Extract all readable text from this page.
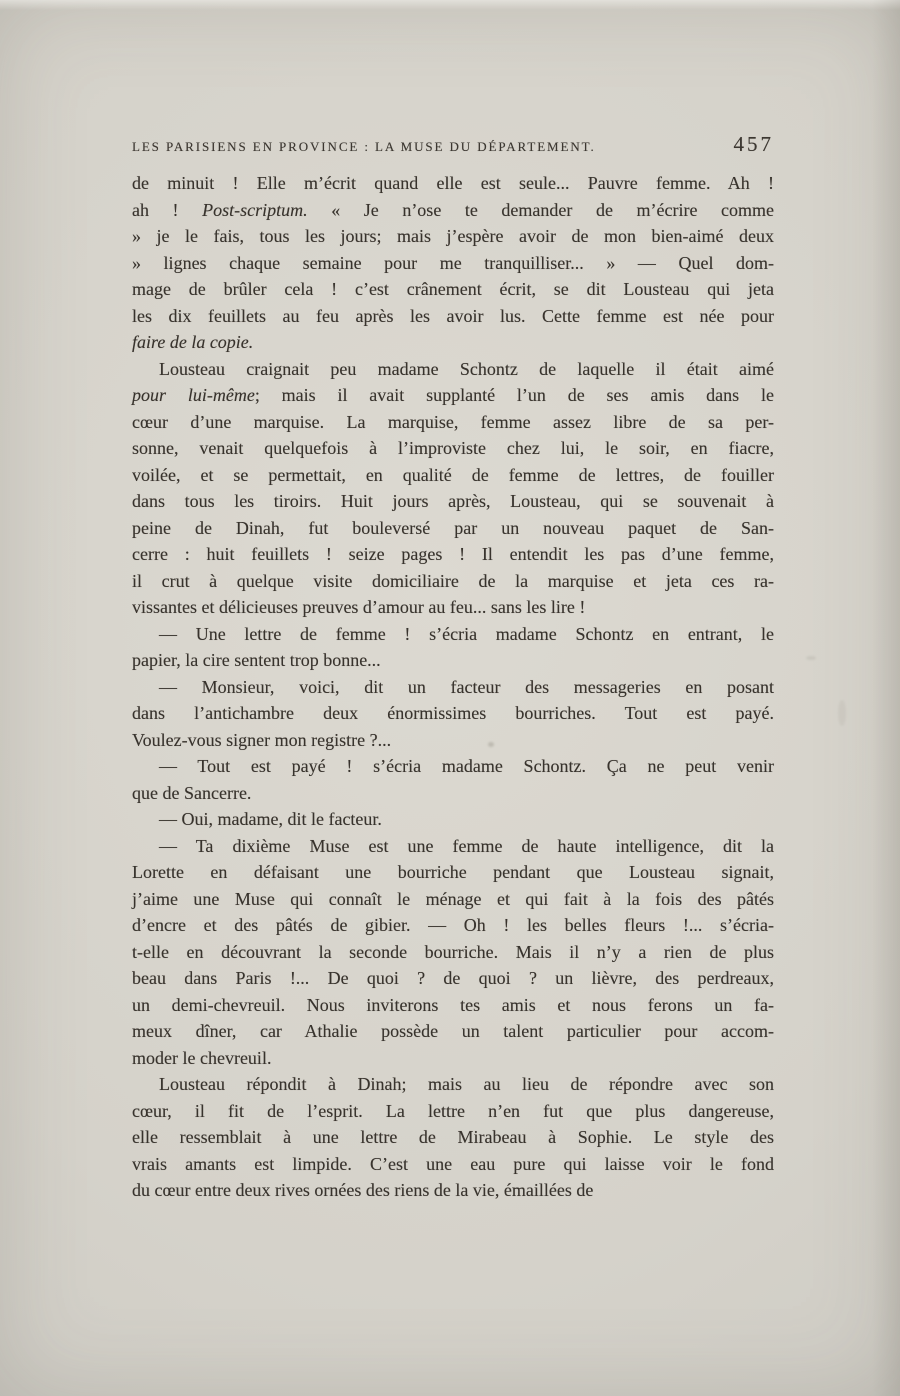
LES PARISIENS EN PROVINCE : LA MUSE DU DÉPARTEMENT.	457
de minuit ! Elle m’écrit quand elle est seule... Pauvre femme. Ah !
ah ! Post-scriptum. « Je n’ose te demander de m’écrire comme
» je le fais, tous les jours; mais j’espère avoir de mon bien-aimé deux
» lignes chaque semaine pour me tranquilliser... » — Quel dom-
mage de brûler cela ! c’est crânement écrit, se dit Lousteau qui jeta
les dix feuillets au feu après les avoir lus. Cette femme est née pour
faire de la copie.
Lousteau craignait peu madame Schontz de laquelle il était aimé
pour lui-même; mais il avait supplanté l’un de ses amis dans le
cœur d’une marquise. La marquise, femme assez libre de sa per-
sonne, venait quelquefois à l’improviste chez lui, le soir, en fiacre,
voilée, et se permettait, en qualité de femme de lettres, de fouiller
dans tous les tiroirs. Huit jours après, Lousteau, qui se souvenait à
peine de Dinah, fut bouleversé par un nouveau paquet de San-
cerre : huit feuillets ! seize pages ! Il entendit les pas d’une femme,
il crut à quelque visite domiciliaire de la marquise et jeta ces ra-
vissantes et délicieuses preuves d’amour au feu... sans les lire !
— Une lettre de femme ! s’écria madame Schontz en entrant, le
papier, la cire sentent trop bonne...
— Monsieur, voici, dit un facteur des messageries en posant
dans l’antichambre deux énormissimes bourriches. Tout est payé.
Voulez-vous signer mon registre ?...
— Tout est payé ! s’écria madame Schontz. Ça ne peut venir
que de Sancerre.
— Oui, madame, dit le facteur.
— Ta dixième Muse est une femme de haute intelligence, dit la
Lorette en défaisant une bourriche pendant que Lousteau signait,
j’aime une Muse qui connaît le ménage et qui fait à la fois des pâtés
d’encre et des pâtés de gibier. — Oh ! les belles fleurs !... s’écria-
t-elle en découvrant la seconde bourriche. Mais il n’y a rien de plus
beau dans Paris !... De quoi ? de quoi ? un lièvre, des perdreaux,
un demi-chevreuil. Nous inviterons tes amis et nous ferons un fa-
meux dîner, car Athalie possède un talent particulier pour accom-
moder le chevreuil.
Lousteau répondit à Dinah; mais au lieu de répondre avec son
cœur, il fit de l’esprit. La lettre n’en fut que plus dangereuse,
elle ressemblait à une lettre de Mirabeau à Sophie. Le style des
vrais amants est limpide. C’est une eau pure qui laisse voir le fond
du cœur entre deux rives ornées des riens de la vie, émaillées de
